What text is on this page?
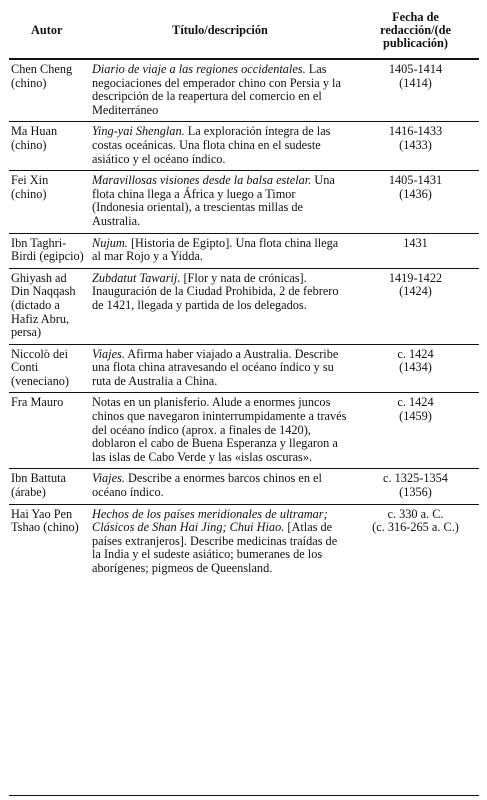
Autor	Título/descripción	Fecha de redacción/(de publicación)
Chen Cheng (chino)	Diario de viaje a las regiones occidentales. Las negociaciones del emperador chino con Persia y la descripción de la reapertura del comercio en el Mediterráneo	1405-1414
(1414)

Ma Huan (chino)	Ying-yai Shenglan. La exploración íntegra de las costas oceánicas. Una flota china en el sudeste asiático y el océano índico.	1416-1433
(1433)

Fei Xin (chino)	Maravillosas visiones desde la balsa estelar. Una flota china llega a África y luego a Timor (Indonesia oriental), a trescientas millas de Australia.	1405-1431
(1436)

Ibn Taghri-Birdi (egipcio)	Nujum. [Historia de Egipto]. Una flota china llega al mar Rojo y a Yidda.	1431

Ghiyash ad Din Naqqash (dictado a Hafiz Abru, persa)	Zubdatut Tawarij. [Flor y nata de crónicas]. Inauguración de la Ciudad Prohibida, 2 de febrero de 1421, llegada y partida de los delegados.	1419-1422
(1424)

Niccolò dei Conti (veneciano)	Viajes. Afirma haber viajado a Australia. Describe una flota china atravesando el océano índico y su ruta de Australia a China.	c. 1424
(1434)

Fra Mauro	Notas en un planisferio. Alude a enormes juncos chinos que navegaron ininterrumpidamente a través del océano índico (aprox. a finales de 1420), doblaron el cabo de Buena Esperanza y llegaron a las islas de Cabo Verde y las «islas oscuras».	c. 1424
(1459)

Ibn Battuta (árabe)	Viajes. Describe a enormes barcos chinos en el océano índico.	c. 1325-1354
(1356)

Hai Yao Pen Tshao (chino)	Hechos de los países meridionales de ultramar; Clásicos de Shan Hai Jing; Chui Hiao. [Atlas de países extranjeros]. Describe medicinas traídas de la India y el sudeste asiático; bumeranes de los aborígenes; pigmeos de Queensland.	c. 330 a. C.
(c. 316-265 a. C.)
